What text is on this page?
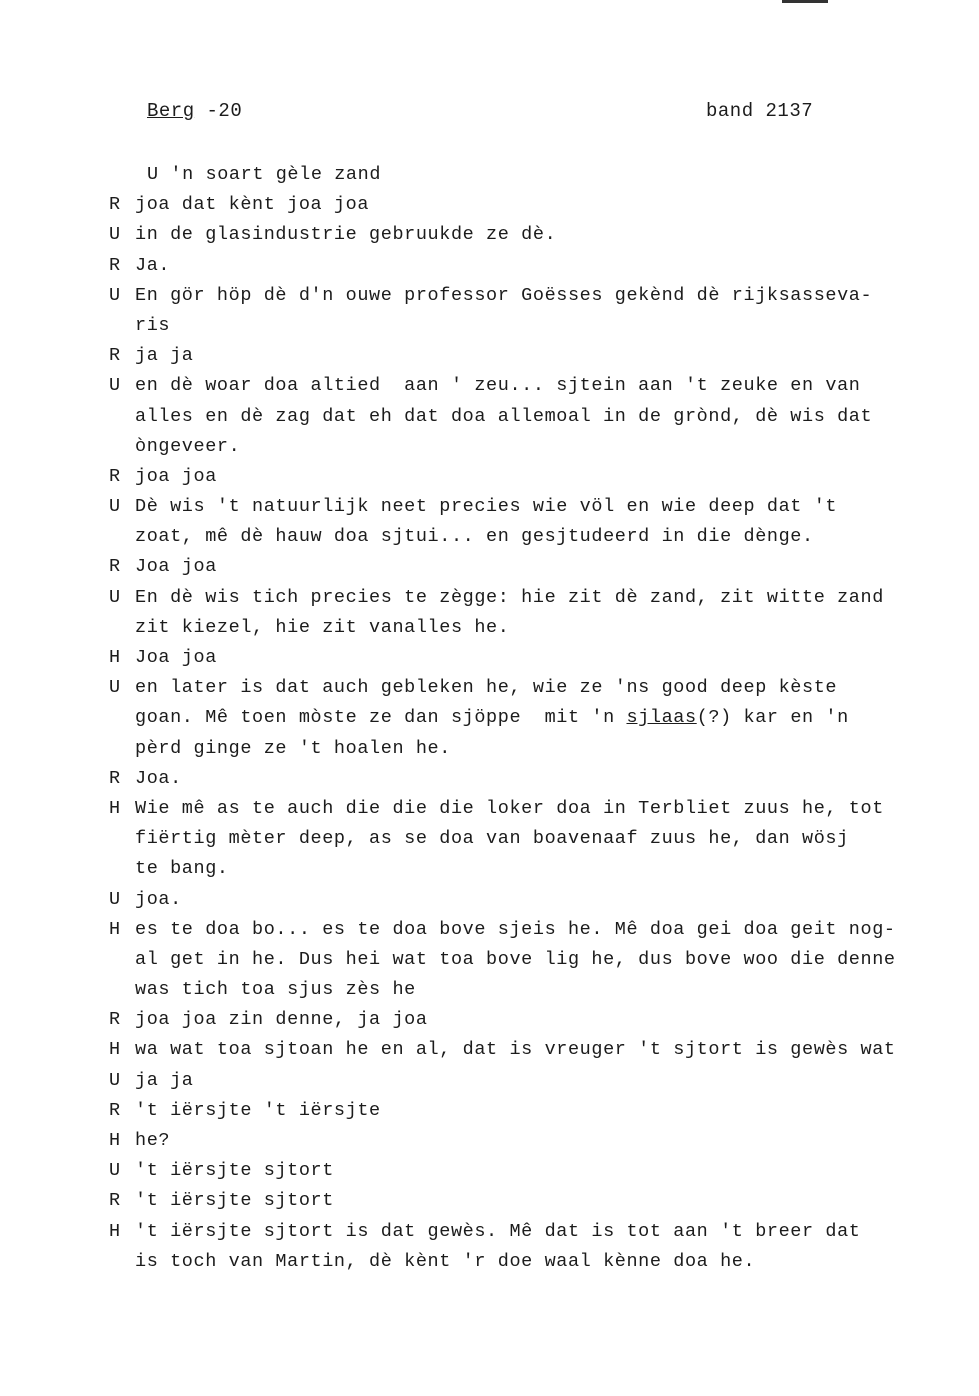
Berg -20	band 2137
U 'n soart gèle zand
R joa dat kènt joa joa
U in de glasindustrie gebruukde ze dè.
R Ja.
U En gör höp dè d'n ouwe professor Goësses gekènd dè rijksasseva-
ris
R ja ja
U en dè woar doa altied  aan ' zeu... sjtein aan 't zeuke en van
alles en dè zag dat eh dat doa allemoal in de grònd, dè wis dat
òngeveer.
R joa joa
U Dè wis 't natuurlijk neet precies wie völ en wie deep dat 't
zoat, mê dè hauw doa sjtui... en gesjtudeerd in die dènge.
R Joa joa
U En dè wis tich precies te zègge: hie zit dè zand, zit witte zand
zit kiezel, hie zit vanalles he.
H Joa joa
U en later is dat auch gebleken he, wie ze 'ns good deep kèste
goan. Mê toen mòste ze dan sjöppe  mit 'n sjlaas(?) kar en 'n
pèrd ginge ze 't hoalen he.
R Joa.
H Wie mê as te auch die die die loker doa in Terbliet zuus he, tot
fiërtig mèter deep, as se doa van boavenaaf zuus he, dan wösj
te bang.
U joa.
H es te doa bo... es te doa bove sjeis he. Mê doa gei doa geit nog-
al get in he. Dus hei wat toa bove lig he, dus bove woo die denne
was tich toa sjus zès he
R joa joa zin denne, ja joa
H wa wat toa sjtoan he en al, dat is vreuger 't sjtort is gewès wat
U ja ja
R 't iërsjte 't iërsjte
H he?
U 't iërsjte sjtort
R 't iërsjte sjtort
H 't iërsjte sjtort is dat gewès. Mê dat is tot aan 't breer dat
is toch van Martin, dè kènt 'r doe waal kènne doa he.
